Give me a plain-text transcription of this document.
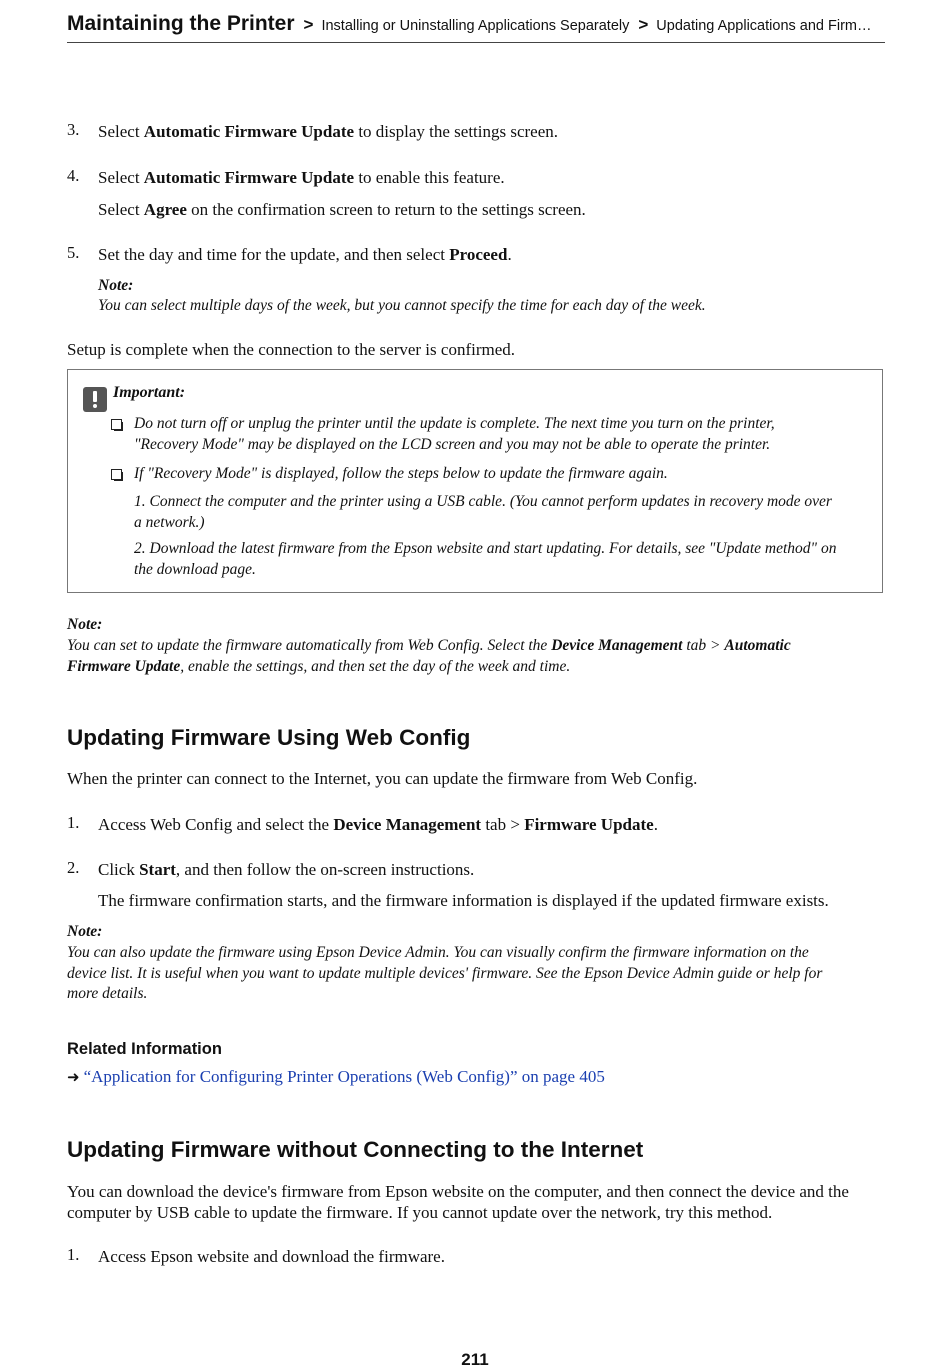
Maintaining the Printer > Installing or Uninstalling Applications Separately > Updating Applications and Firm…
3. Select Automatic Firmware Update to display the settings screen.
4. Select Automatic Firmware Update to enable this feature.
Select Agree on the confirmation screen to return to the settings screen.
5. Set the day and time for the update, and then select Proceed.
Note:
You can select multiple days of the week, but you cannot specify the time for each day of the week.
Setup is complete when the connection to the server is confirmed.
Important:
Do not turn off or unplug the printer until the update is complete. The next time you turn on the printer,
"Recovery Mode" may be displayed on the LCD screen and you may not be able to operate the printer.
If "Recovery Mode" is displayed, follow the steps below to update the firmware again.
1. Connect the computer and the printer using a USB cable. (You cannot perform updates in recovery mode over
a network.)
2. Download the latest firmware from the Epson website and start updating. For details, see "Update method" on
the download page.
Note:
You can set to update the firmware automatically from Web Config. Select the Device Management tab > Automatic
Firmware Update, enable the settings, and then set the day of the week and time.
Updating Firmware Using Web Config
When the printer can connect to the Internet, you can update the firmware from Web Config.
1. Access Web Config and select the Device Management tab > Firmware Update.
2. Click Start, and then follow the on-screen instructions.
The firmware confirmation starts, and the firmware information is displayed if the updated firmware exists.
Note:
You can also update the firmware using Epson Device Admin. You can visually confirm the firmware information on the
device list. It is useful when you want to update multiple devices' firmware. See the Epson Device Admin guide or help for
more details.
Related Information
➜ “Application for Configuring Printer Operations (Web Config)” on page 405
Updating Firmware without Connecting to the Internet
You can download the device's firmware from Epson website on the computer, and then connect the device and the
computer by USB cable to update the firmware. If you cannot update over the network, try this method.
1. Access Epson website and download the firmware.
211
